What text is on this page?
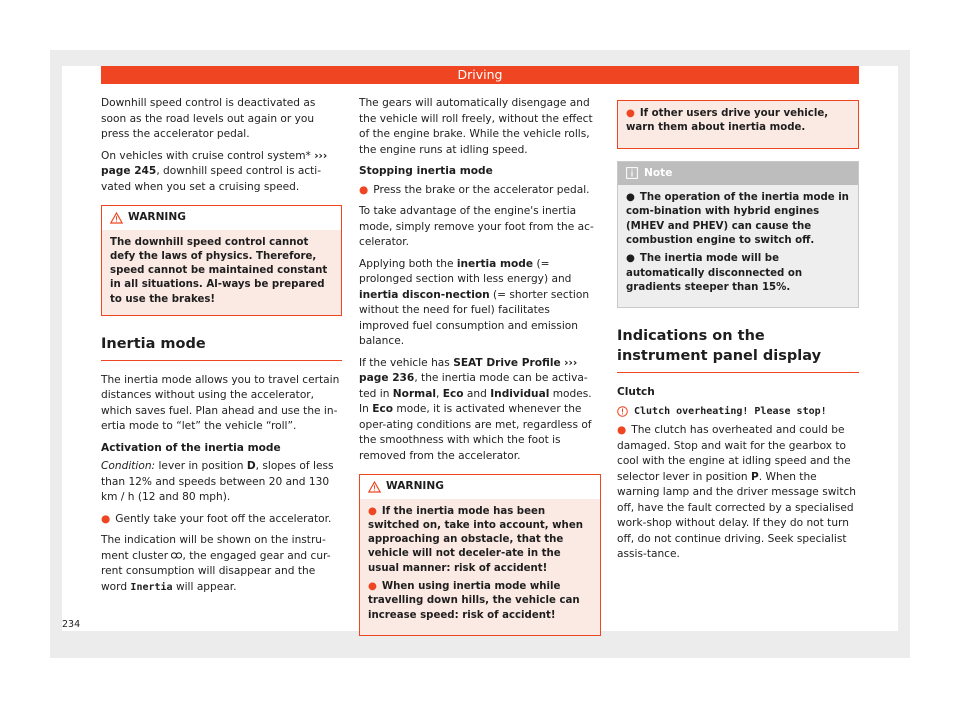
Driving

Downhill speed control is deactivated as soon as the road levels out again or you press the accelerator pedal.

On vehicles with cruise control system* ››› page 245, downhill speed control is acti-vated when you set a cruising speed.

WARNING
The downhill speed control cannot defy the laws of physics. Therefore, speed cannot be maintained constant in all situations. Al-ways be prepared to use the brakes!
Inertia mode

The inertia mode allows you to travel certain distances without using the accelerator, which saves fuel. Plan ahead and use the in-ertia mode to “let” the vehicle “roll”.

Activation of the inertia mode

Condition: lever in position D, slopes of less than 12% and speeds between 20 and 130 km / h (12 and 80 mph).

● Gently take your foot off the accelerator.

The indication will be shown on the instru-ment cluster , the engaged gear and cur-rent consumption will disappear and the word Inertia will appear.

The gears will automatically disengage and the vehicle will roll freely, without the effect of the engine brake. While the vehicle rolls, the engine runs at idling speed.

Stopping inertia mode

● Press the brake or the accelerator pedal.

To take advantage of the engine's inertia mode, simply remove your foot from the ac-celerator.

Applying both the inertia mode (= prolonged section with less energy) and inertia discon-nection (= shorter section without the need for fuel) facilitates improved fuel consumption and emission balance.

If the vehicle has SEAT Drive Profile ››› page 236, the inertia mode can be activa-ted in Normal, Eco and Individual modes. In Eco mode, it is activated whenever the oper-ating conditions are met, regardless of the smoothness with which the foot is removed from the accelerator.

WARNING

● If the inertia mode has been switched on, take into account, when approaching an obstacle, that the vehicle will not deceler-ate in the usual manner: risk of accident!

● When using inertia mode while travelling down hills, the vehicle can increase speed: risk of accident!

● If other users drive your vehicle, warn them about inertia mode.

Note

● The operation of the inertia mode in com-bination with hybrid engines (MHEV and PHEV) can cause the combustion engine to switch off.

● The inertia mode will be automatically disconnected on gradients steeper than 15%.

Indications on the instrument panel display
Clutch
Clutch overheating! Please stop!

● The clutch has overheated and could be damaged. Stop and wait for the gearbox to cool with the engine at idling speed and the selector lever in position P. When the warning lamp and the driver message switch off, have the fault corrected by a specialised work-shop without delay. If they do not turn off, do not continue driving. Seek specialist assis-tance.

234
